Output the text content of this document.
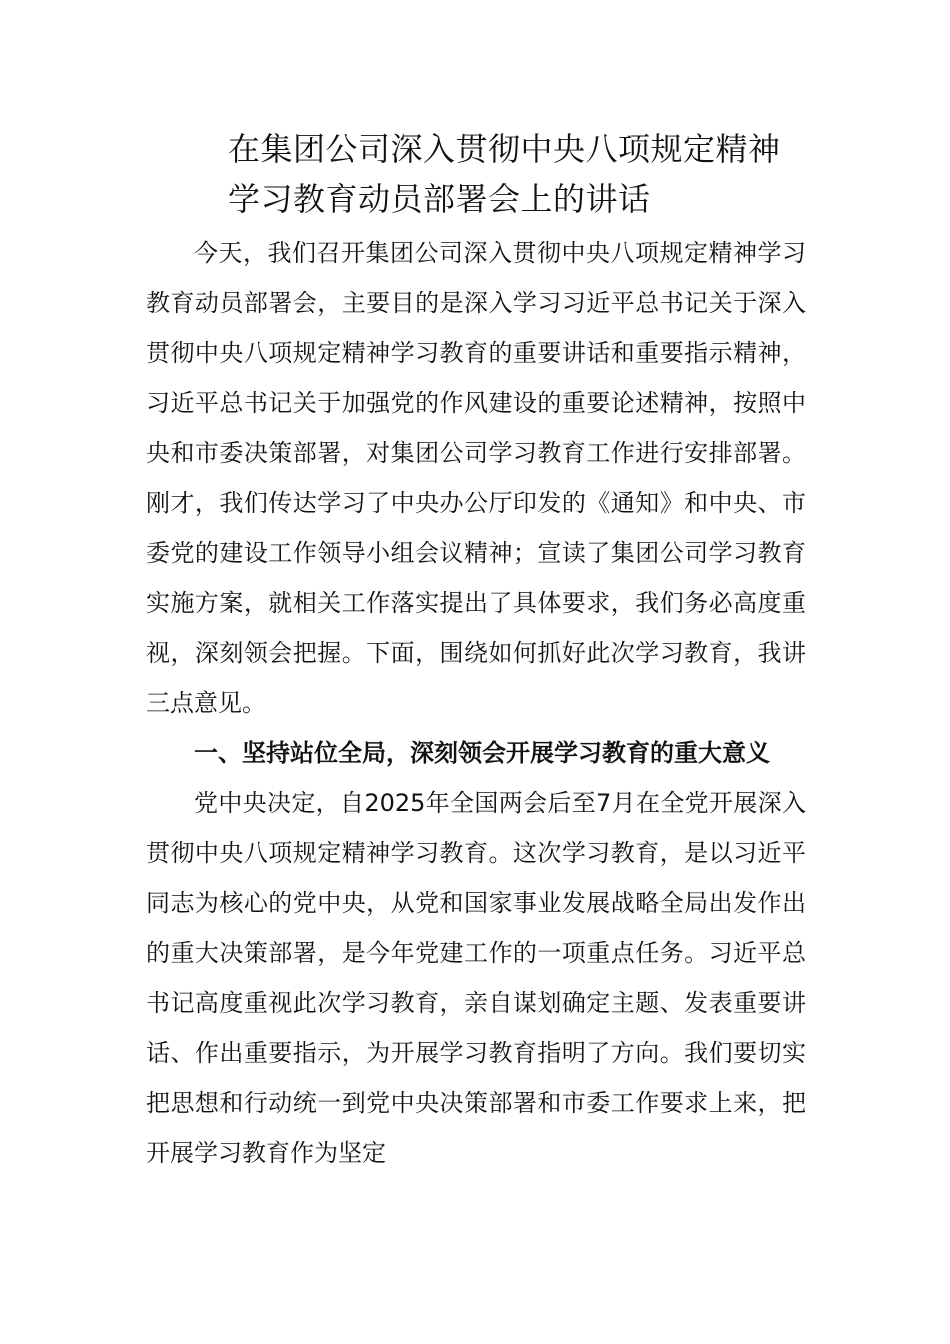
在集团公司深入贯彻中央八项规定精神学习教育动员部署会上的讲话

今天，我们召开集团公司深入贯彻中央八项规定精神学习教育动员部署会，主要目的是深入学习习近平总书记关于深入贯彻中央八项规定精神学习教育的重要讲话和重要指示精神，习近平总书记关于加强党的作风建设的重要论述精神，按照中央和市委决策部署，对集团公司学习教育工作进行安排部署。刚才，我们传达学习了中央办公厅印发的《通知》和中央、市委党的建设工作领导小组会议精神；宣读了集团公司学习教育实施方案，就相关工作落实提出了具体要求，我们务必高度重视，深刻领会把握。下面，围绕如何抓好此次学习教育，我讲三点意见。

一、坚持站位全局，深刻领会开展学习教育的重大意义

党中央决定，自2025年全国两会后至7月在全党开展深入贯彻中央八项规定精神学习教育。这次学习教育，是以习近平同志为核心的党中央，从党和国家事业发展战略全局出发作出的重大决策部署，是今年党建工作的一项重点任务。习近平总书记高度重视此次学习教育，亲自谋划确定主题、发表重要讲话、作出重要指示，为开展学习教育指明了方向。我们要切实把思想和行动统一到党中央决策部署和市委工作要求上来，把开展学习教育作为坚定
